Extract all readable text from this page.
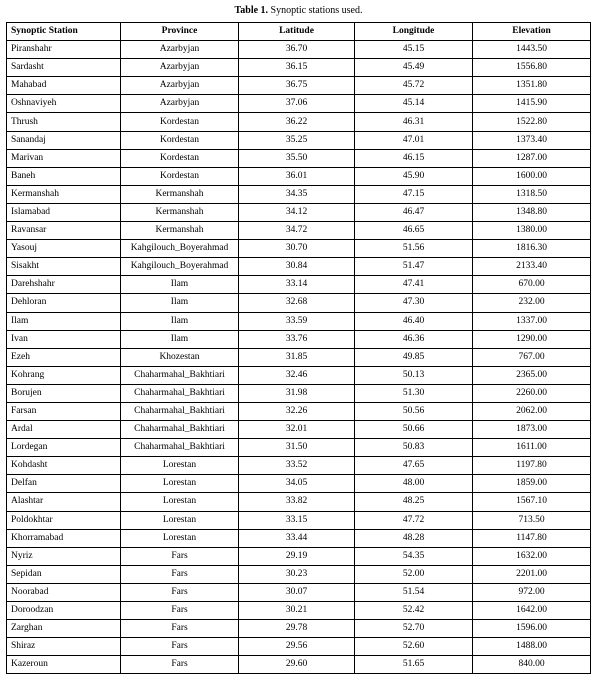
Table 1. Synoptic stations used.
Synoptic Station	Province	Latitude	Longitude	Elevation
Piranshahr	Azarbyjan	36.70	45.15	1443.50
Sardasht	Azarbyjan	36.15	45.49	1556.80
Mahabad	Azarbyjan	36.75	45.72	1351.80
Oshnaviyeh	Azarbyjan	37.06	45.14	1415.90
Thrush	Kordestan	36.22	46.31	1522.80
Sanandaj	Kordestan	35.25	47.01	1373.40
Marivan	Kordestan	35.50	46.15	1287.00
Baneh	Kordestan	36.01	45.90	1600.00
Kermanshah	Kermanshah	34.35	47.15	1318.50
Islamabad	Kermanshah	34.12	46.47	1348.80
Ravansar	Kermanshah	34.72	46.65	1380.00
Yasouj	Kahgilouch_Boyerahmad	30.70	51.56	1816.30
Sisakht	Kahgilouch_Boyerahmad	30.84	51.47	2133.40
Darehshahr	Ilam	33.14	47.41	670.00
Dehloran	Ilam	32.68	47.30	232.00
Ilam	Ilam	33.59	46.40	1337.00
Ivan	Ilam	33.76	46.36	1290.00
Ezeh	Khozestan	31.85	49.85	767.00
Kohrang	Chaharmahal_Bakhtiari	32.46	50.13	2365.00
Borujen	Chaharmahal_Bakhtiari	31.98	51.30	2260.00
Farsan	Chaharmahal_Bakhtiari	32.26	50.56	2062.00
Ardal	Chaharmahal_Bakhtiari	32.01	50.66	1873.00
Lordegan	Chaharmahal_Bakhtiari	31.50	50.83	1611.00
Kohdasht	Lorestan	33.52	47.65	1197.80
Delfan	Lorestan	34.05	48.00	1859.00
Alashtar	Lorestan	33.82	48.25	1567.10
Poldokhtar	Lorestan	33.15	47.72	713.50
Khorramabad	Lorestan	33.44	48.28	1147.80
Nyriz	Fars	29.19	54.35	1632.00
Sepidan	Fars	30.23	52.00	2201.00
Noorabad	Fars	30.07	51.54	972.00
Doroodzan	Fars	30.21	52.42	1642.00
Zarghan	Fars	29.78	52.70	1596.00
Shiraz	Fars	29.56	52.60	1488.00
Kazeroun	Fars	29.60	51.65	840.00
